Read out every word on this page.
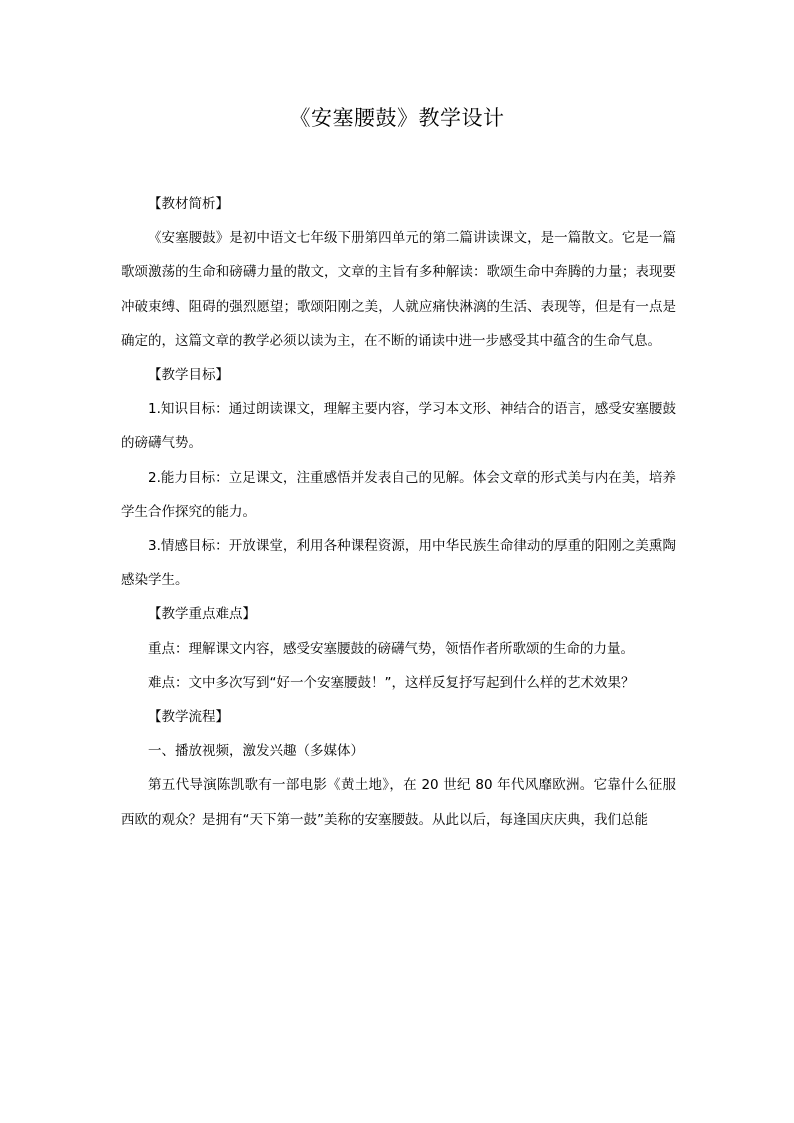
《安塞腰鼓》教学设计

【教材简析】

《安塞腰鼓》是初中语文七年级下册第四单元的第二篇讲读课文，是一篇散文。它是一篇歌颂激荡的生命和磅礴力量的散文，文章的主旨有多种解读：歌颂生命中奔腾的力量；表现要冲破束缚、阻碍的强烈愿望；歌颂阳刚之美，人就应痛快淋漓的生活、表现等，但是有一点是确定的，这篇文章的教学必须以读为主，在不断的诵读中进一步感受其中蕴含的生命气息。

【教学目标】

1.知识目标：通过朗读课文，理解主要内容，学习本文形、神结合的语言，感受安塞腰鼓的磅礴气势。

2.能力目标：立足课文，注重感悟并发表自己的见解。体会文章的形式美与内在美，培养学生合作探究的能力。

3.情感目标：开放课堂，利用各种课程资源，用中华民族生命律动的厚重的阳刚之美熏陶感染学生。

【教学重点难点】

重点：理解课文内容，感受安塞腰鼓的磅礴气势，领悟作者所歌颂的生命的力量。

难点：文中多次写到“好一个安塞腰鼓！”，这样反复抒写起到什么样的艺术效果？

【教学流程】

一、播放视频，激发兴趣（多媒体）

第五代导演陈凯歌有一部电影《黄土地》，在 20 世纪 80 年代风靡欧洲。它靠什么征服西欧的观众？是拥有“天下第一鼓”美称的安塞腰鼓。从此以后，每逢国庆庆典，我们总能
